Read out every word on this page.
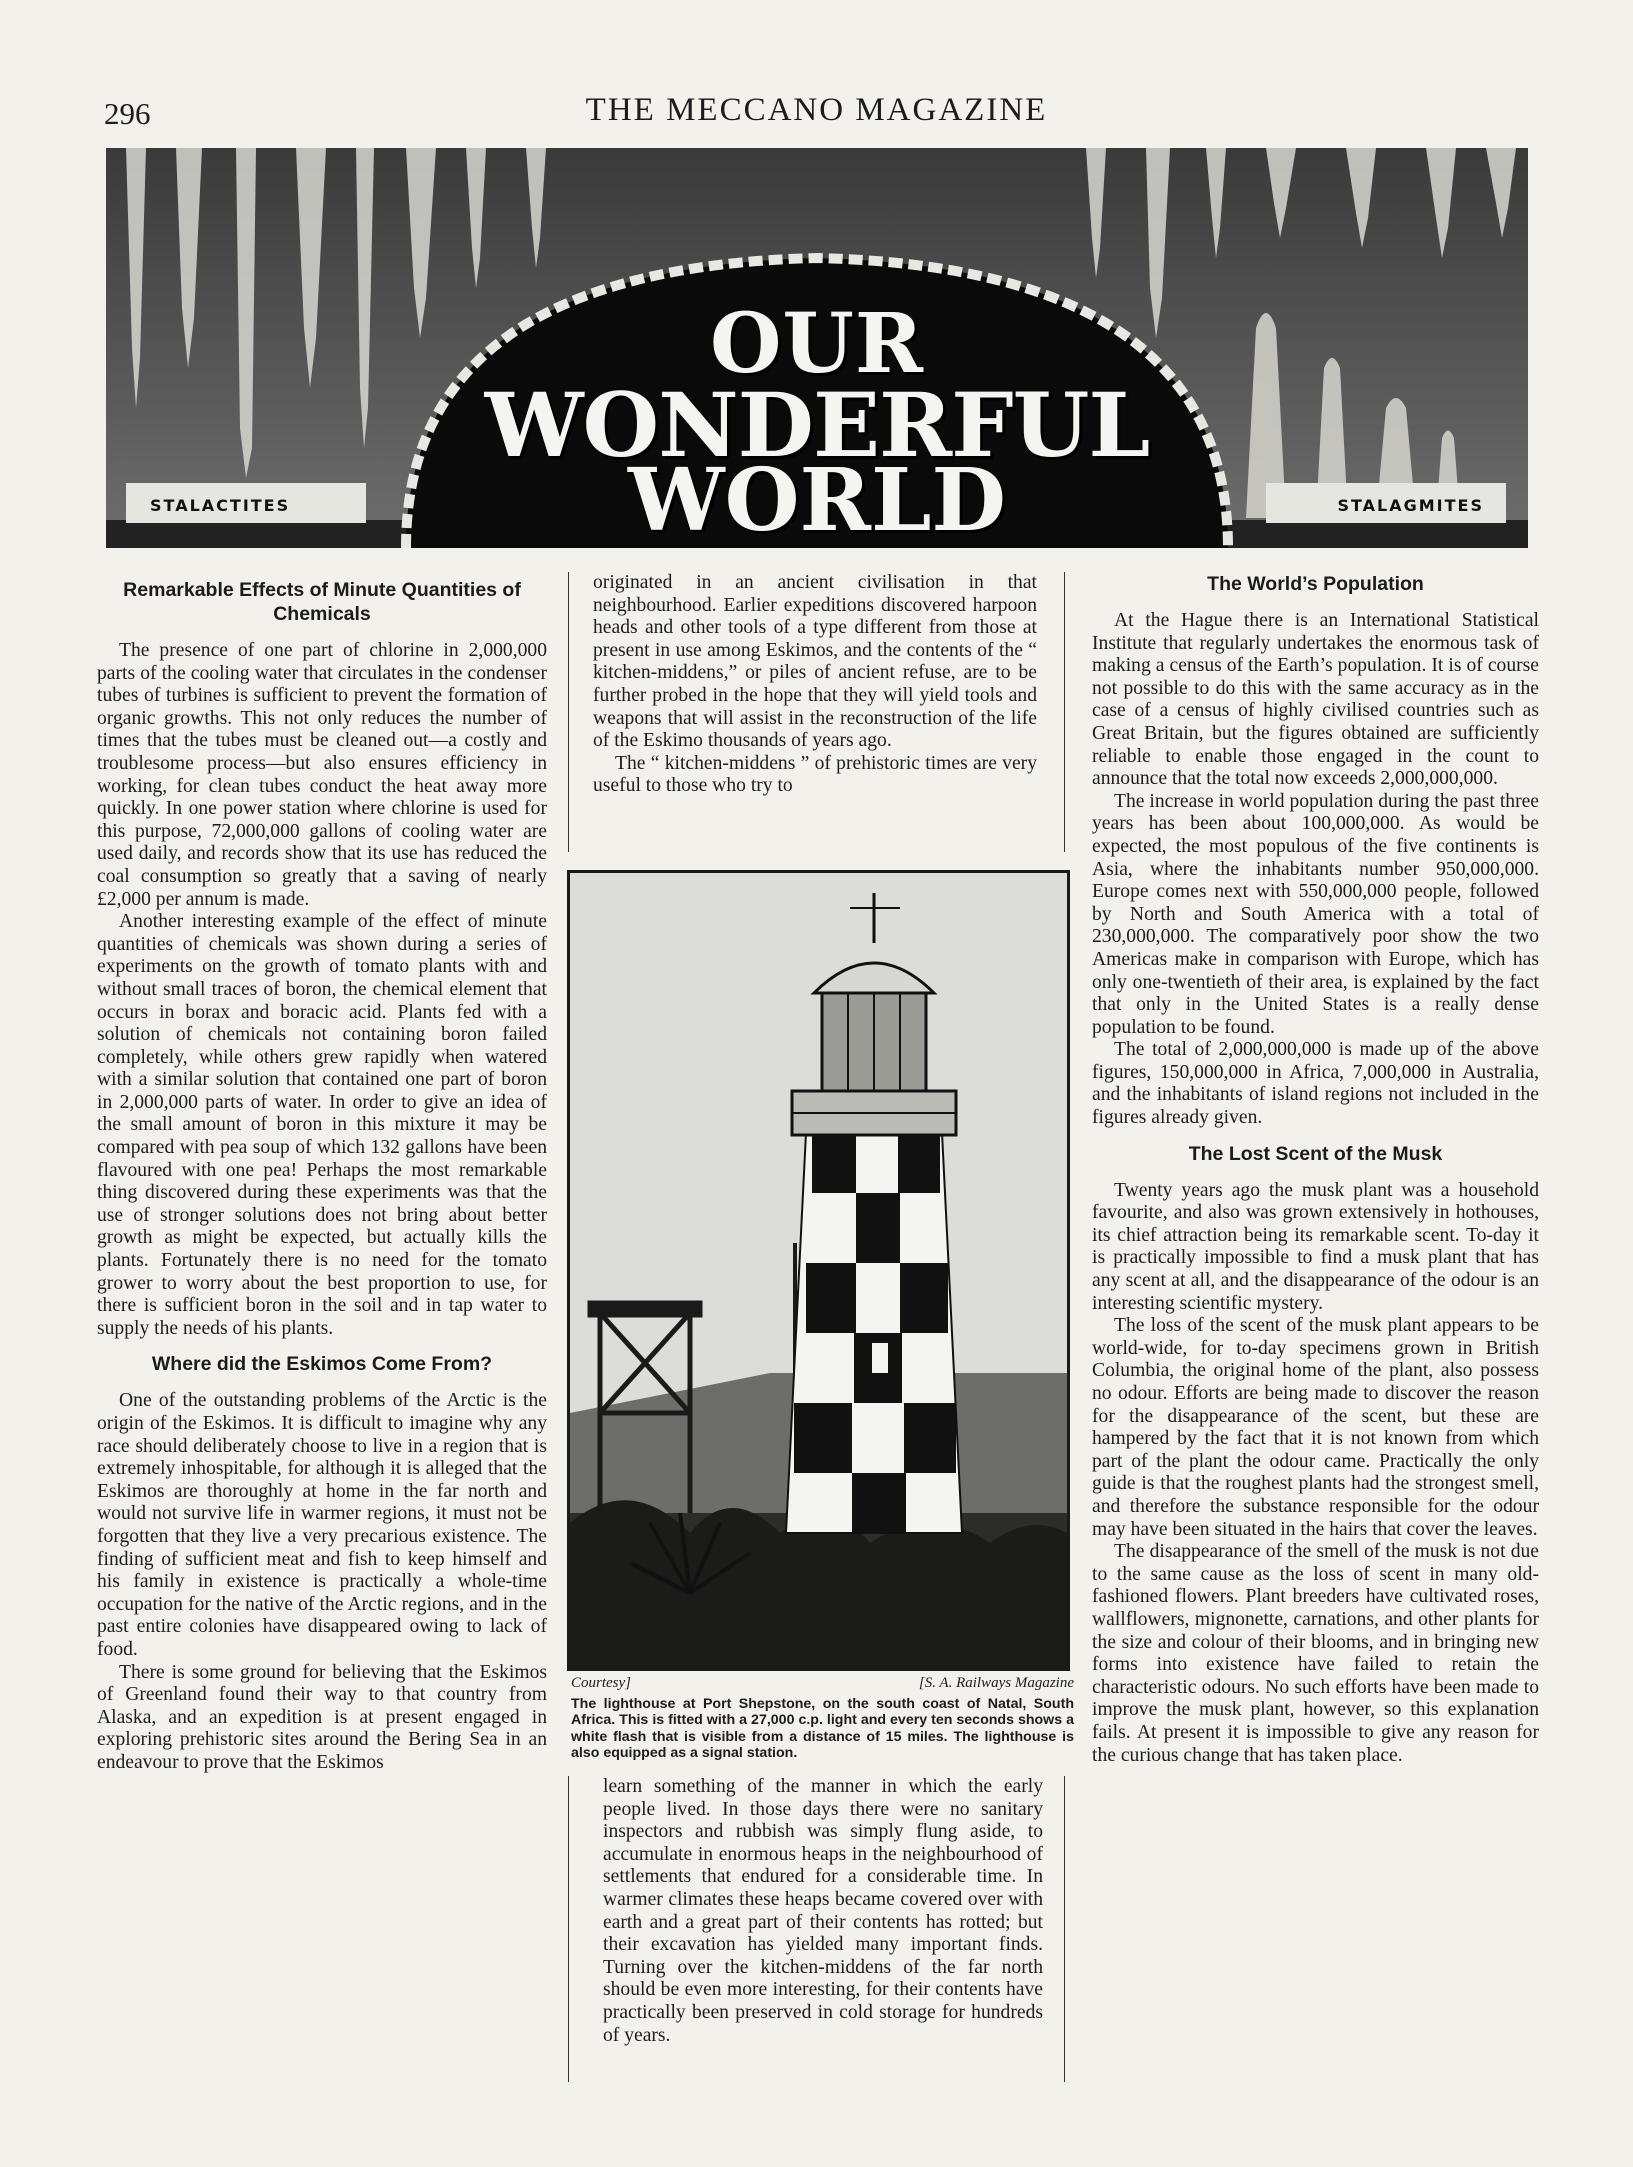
296	THE MECCANO MAGAZINE
OUR
WONDERFUL
WORLD
STALACTITES	STALAGMITES
Remarkable Effects of Minute Quantities of Chemicals

The presence of one part of chlorine in 2,000,000 parts of the cooling water that circulates in the condenser tubes of turbines is sufficient to prevent the formation of organic growths. This not only reduces the number of times that the tubes must be cleaned out—a costly and troublesome process—but also ensures efficiency in working, for clean tubes conduct the heat away more quickly. In one power station where chlorine is used for this purpose, 72,000,000 gallons of cooling water are used daily, and records show that its use has reduced the coal consumption so greatly that a saving of nearly £2,000 per annum is made.

Another interesting example of the effect of minute quantities of chemicals was shown during a series of experiments on the growth of tomato plants with and without small traces of boron, the chemical element that occurs in borax and boracic acid. Plants fed with a solution of chemicals not containing boron failed completely, while others grew rapidly when watered with a similar solution that contained one part of boron in 2,000,000 parts of water. In order to give an idea of the small amount of boron in this mixture it may be compared with pea soup of which 132 gallons have been flavoured with one pea! Perhaps the most remarkable thing discovered during these experiments was that the use of stronger solutions does not bring about better growth as might be expected, but actually kills the plants. Fortunately there is no need for the tomato grower to worry about the best proportion to use, for there is sufficient boron in the soil and in tap water to supply the needs of his plants.

Where did the Eskimos Come From?

One of the outstanding problems of the Arctic is the origin of the Eskimos. It is difficult to imagine why any race should deliberately choose to live in a region that is extremely inhospitable, for although it is alleged that the Eskimos are thoroughly at home in the far north and would not survive life in warmer regions, it must not be forgotten that they live a very precarious existence. The finding of sufficient meat and fish to keep himself and his family in existence is practically a whole-time occupation for the native of the Arctic regions, and in the past entire colonies have disappeared owing to lack of food.

There is some ground for believing that the Eskimos of Greenland found their way to that country from Alaska, and an expedition is at present engaged in exploring prehistoric sites around the Bering Sea in an endeavour to prove that the Eskimos

originated in an ancient civilisation in that neighbourhood. Earlier expeditions discovered harpoon heads and other tools of a type different from those at present in use among Eskimos, and the contents of the “ kitchen-middens,” or piles of ancient refuse, are to be further probed in the hope that they will yield tools and weapons that will assist in the reconstruction of the life of the Eskimo thousands of years ago.

The “ kitchen-middens ” of prehistoric times are very useful to those who try to

Courtesy]	[S. A. Railways Magazine
The lighthouse at Port Shepstone, on the south coast of Natal, South Africa. This is fitted with a 27,000 c.p. light and every ten seconds shows a white flash that is visible from a distance of 15 miles. The lighthouse is also equipped as a signal station.

learn something of the manner in which the early people lived. In those days there were no sanitary inspectors and rubbish was simply flung aside, to accumulate in enormous heaps in the neighbourhood of settlements that endured for a considerable time. In warmer climates these heaps became covered over with earth and a great part of their contents has rotted; but their excavation has yielded many important finds. Turning over the kitchen-middens of the far north should be even more interesting, for their contents have practically been preserved in cold storage for hundreds of years.

The World’s Population

At the Hague there is an International Statistical Institute that regularly undertakes the enormous task of making a census of the Earth’s population. It is of course not possible to do this with the same accuracy as in the case of a census of highly civilised countries such as Great Britain, but the figures obtained are sufficiently reliable to enable those engaged in the count to announce that the total now exceeds 2,000,000,000.

The increase in world population during the past three years has been about 100,000,000. As would be expected, the most populous of the five continents is Asia, where the inhabitants number 950,000,000. Europe comes next with 550,000,000 people, followed by North and South America with a total of 230,000,000. The comparatively poor show the two Americas make in comparison with Europe, which has only one-twentieth of their area, is explained by the fact that only in the United States is a really dense population to be found.

The total of 2,000,000,000 is made up of the above figures, 150,000,000 in Africa, 7,000,000 in Australia, and the inhabitants of island regions not included in the figures already given.

The Lost Scent of the Musk

Twenty years ago the musk plant was a household favourite, and also was grown extensively in hothouses, its chief attraction being its remarkable scent. To-day it is practically impossible to find a musk plant that has any scent at all, and the disappearance of the odour is an interesting scientific mystery.

The loss of the scent of the musk plant appears to be world-wide, for to-day specimens grown in British Columbia, the original home of the plant, also possess no odour. Efforts are being made to discover the reason for the disappearance of the scent, but these are hampered by the fact that it is not known from which part of the plant the odour came. Practically the only guide is that the roughest plants had the strongest smell, and therefore the substance responsible for the odour may have been situated in the hairs that cover the leaves.

The disappearance of the smell of the musk is not due to the same cause as the loss of scent in many old-fashioned flowers. Plant breeders have cultivated roses, wallflowers, mignonette, carnations, and other plants for the size and colour of their blooms, and in bringing new forms into existence have failed to retain the characteristic odours. No such efforts have been made to improve the musk plant, however, so this explanation fails. At present it is impossible to give any reason for the curious change that has taken place.
